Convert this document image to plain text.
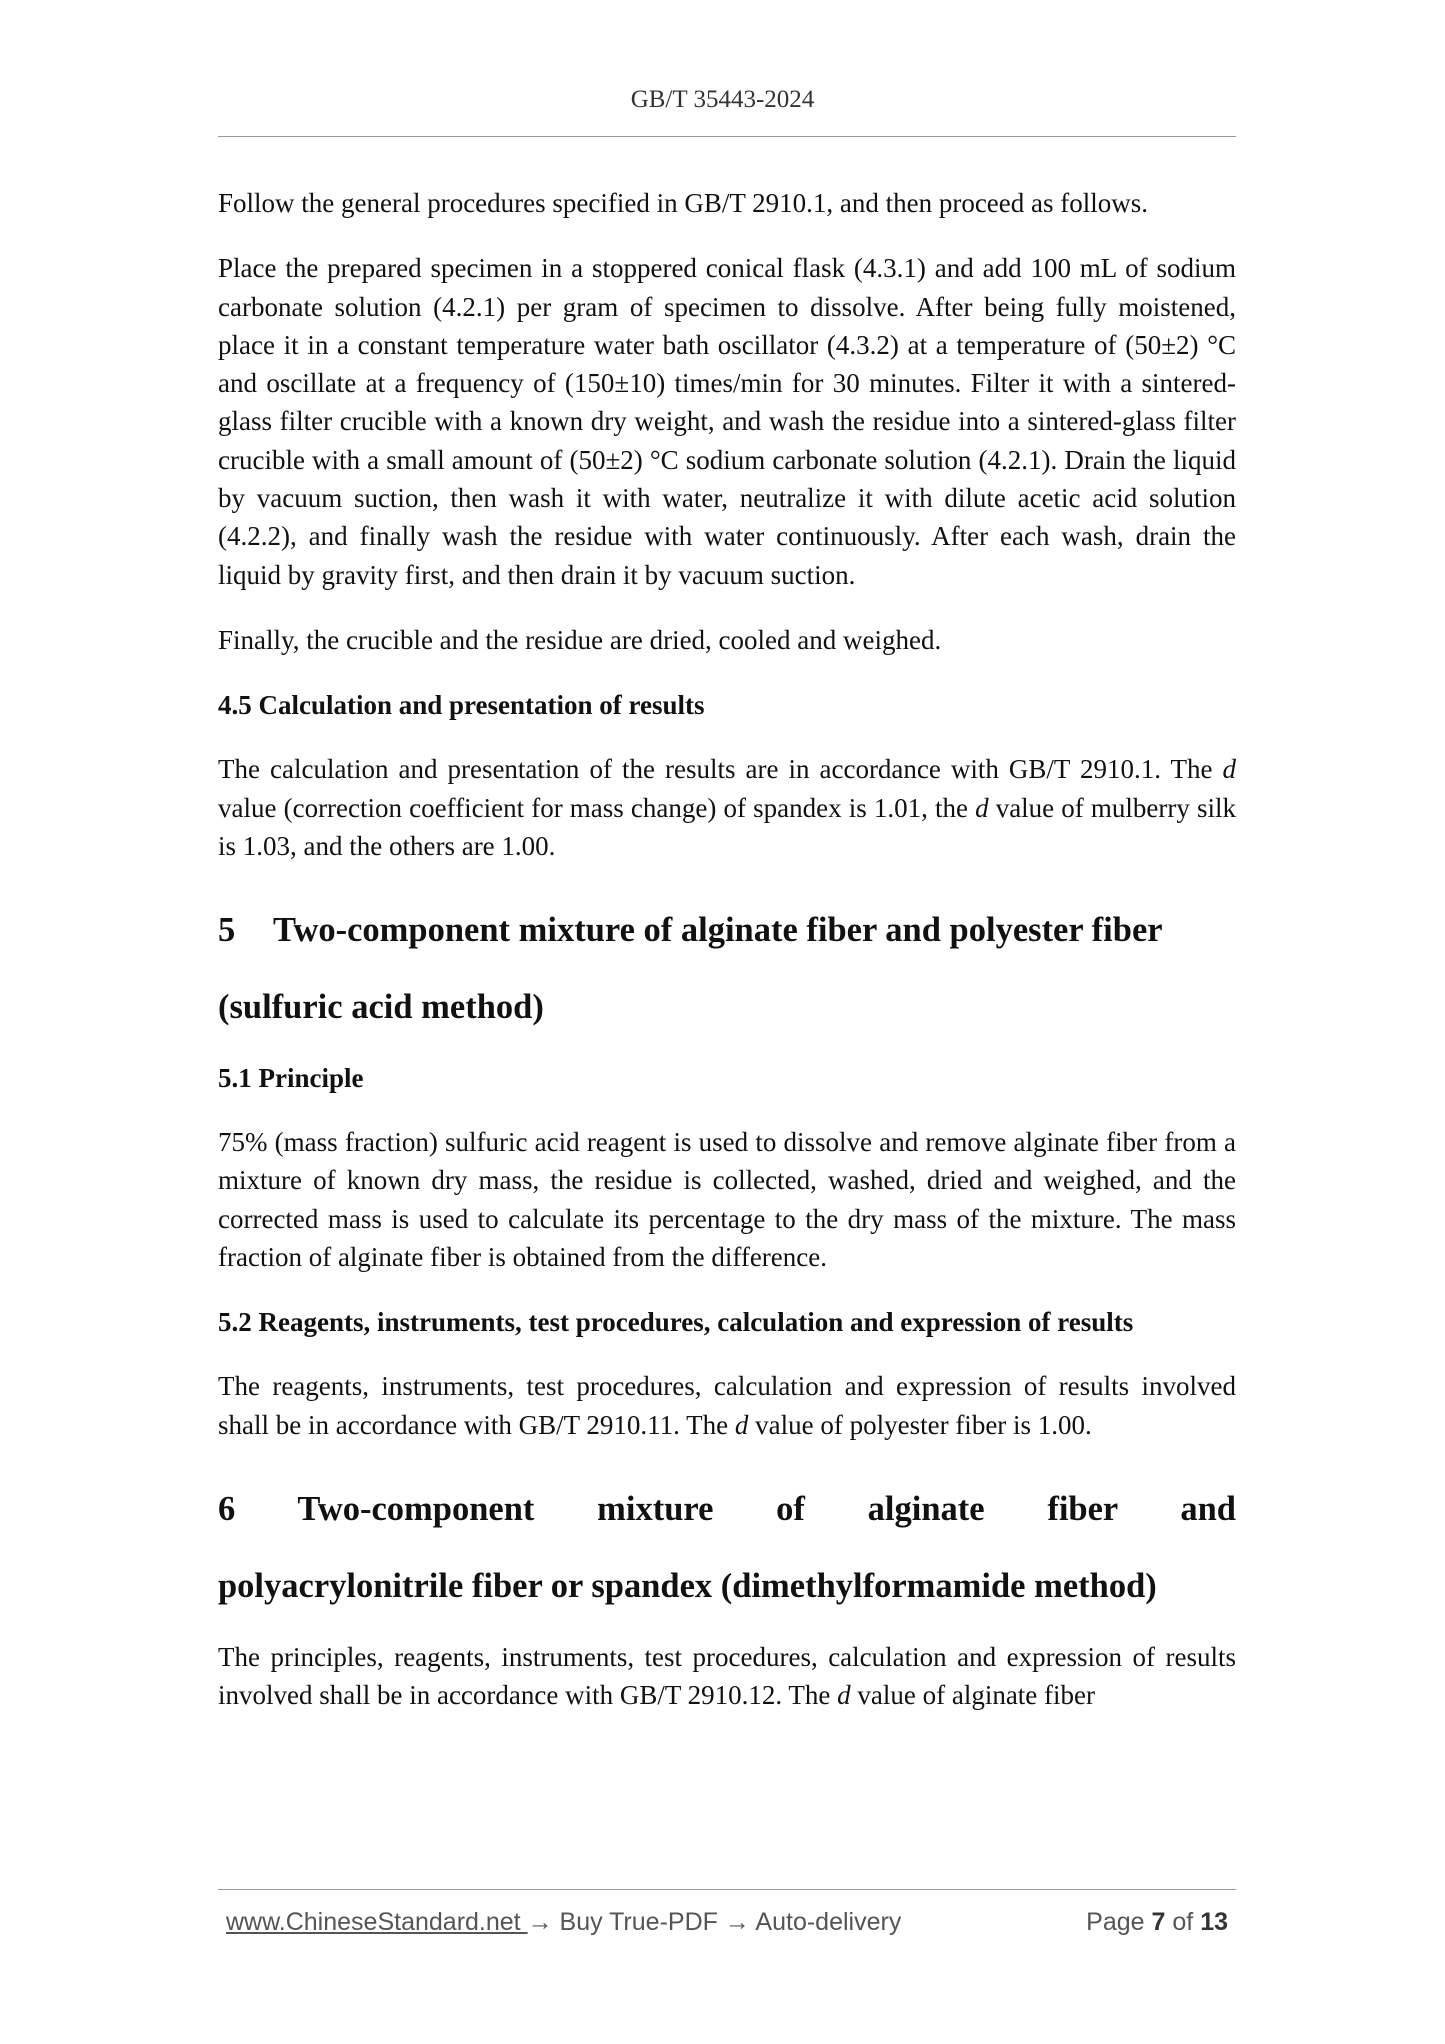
GB/T 35443-2024

Follow the general procedures specified in GB/T 2910.1, and then proceed as follows.

Place the prepared specimen in a stoppered conical flask (4.3.1) and add 100 mL of sodium carbonate solution (4.2.1) per gram of specimen to dissolve. After being fully moistened, place it in a constant temperature water bath oscillator (4.3.2) at a temperature of (50±2) °C and oscillate at a frequency of (150±10) times/min for 30 minutes. Filter it with a sintered-glass filter crucible with a known dry weight, and wash the residue into a sintered-glass filter crucible with a small amount of (50±2) °C sodium carbonate solution (4.2.1). Drain the liquid by vacuum suction, then wash it with water, neutralize it with dilute acetic acid solution (4.2.2), and finally wash the residue with water continuously. After each wash, drain the liquid by gravity first, and then drain it by vacuum suction.

Finally, the crucible and the residue are dried, cooled and weighed.

4.5 Calculation and presentation of results

The calculation and presentation of the results are in accordance with GB/T 2910.1. The d value (correction coefficient for mass change) of spandex is 1.01, the d value of mulberry silk is 1.03, and the others are 1.00.

5 Two-component mixture of alginate fiber and polyester fiber
(sulfuric acid method)
5.1 Principle

75% (mass fraction) sulfuric acid reagent is used to dissolve and remove alginate fiber from a mixture of known dry mass, the residue is collected, washed, dried and weighed, and the corrected mass is used to calculate its percentage to the dry mass of the mixture. The mass fraction of alginate fiber is obtained from the difference.

5.2 Reagents, instruments, test procedures, calculation and expression of results

The reagents, instruments, test procedures, calculation and expression of results involved shall be in accordance with GB/T 2910.11. The d value of polyester fiber is 1.00.

6 Two-component mixture of alginate fiber and
polyacrylonitrile fiber or spandex (dimethylformamide method)

The principles, reagents, instruments, test procedures, calculation and expression of results involved shall be in accordance with GB/T 2910.12. The d value of alginate fiber

www.ChineseStandard.net → Buy True-PDF → Auto-delivery	Page 7 of 13
